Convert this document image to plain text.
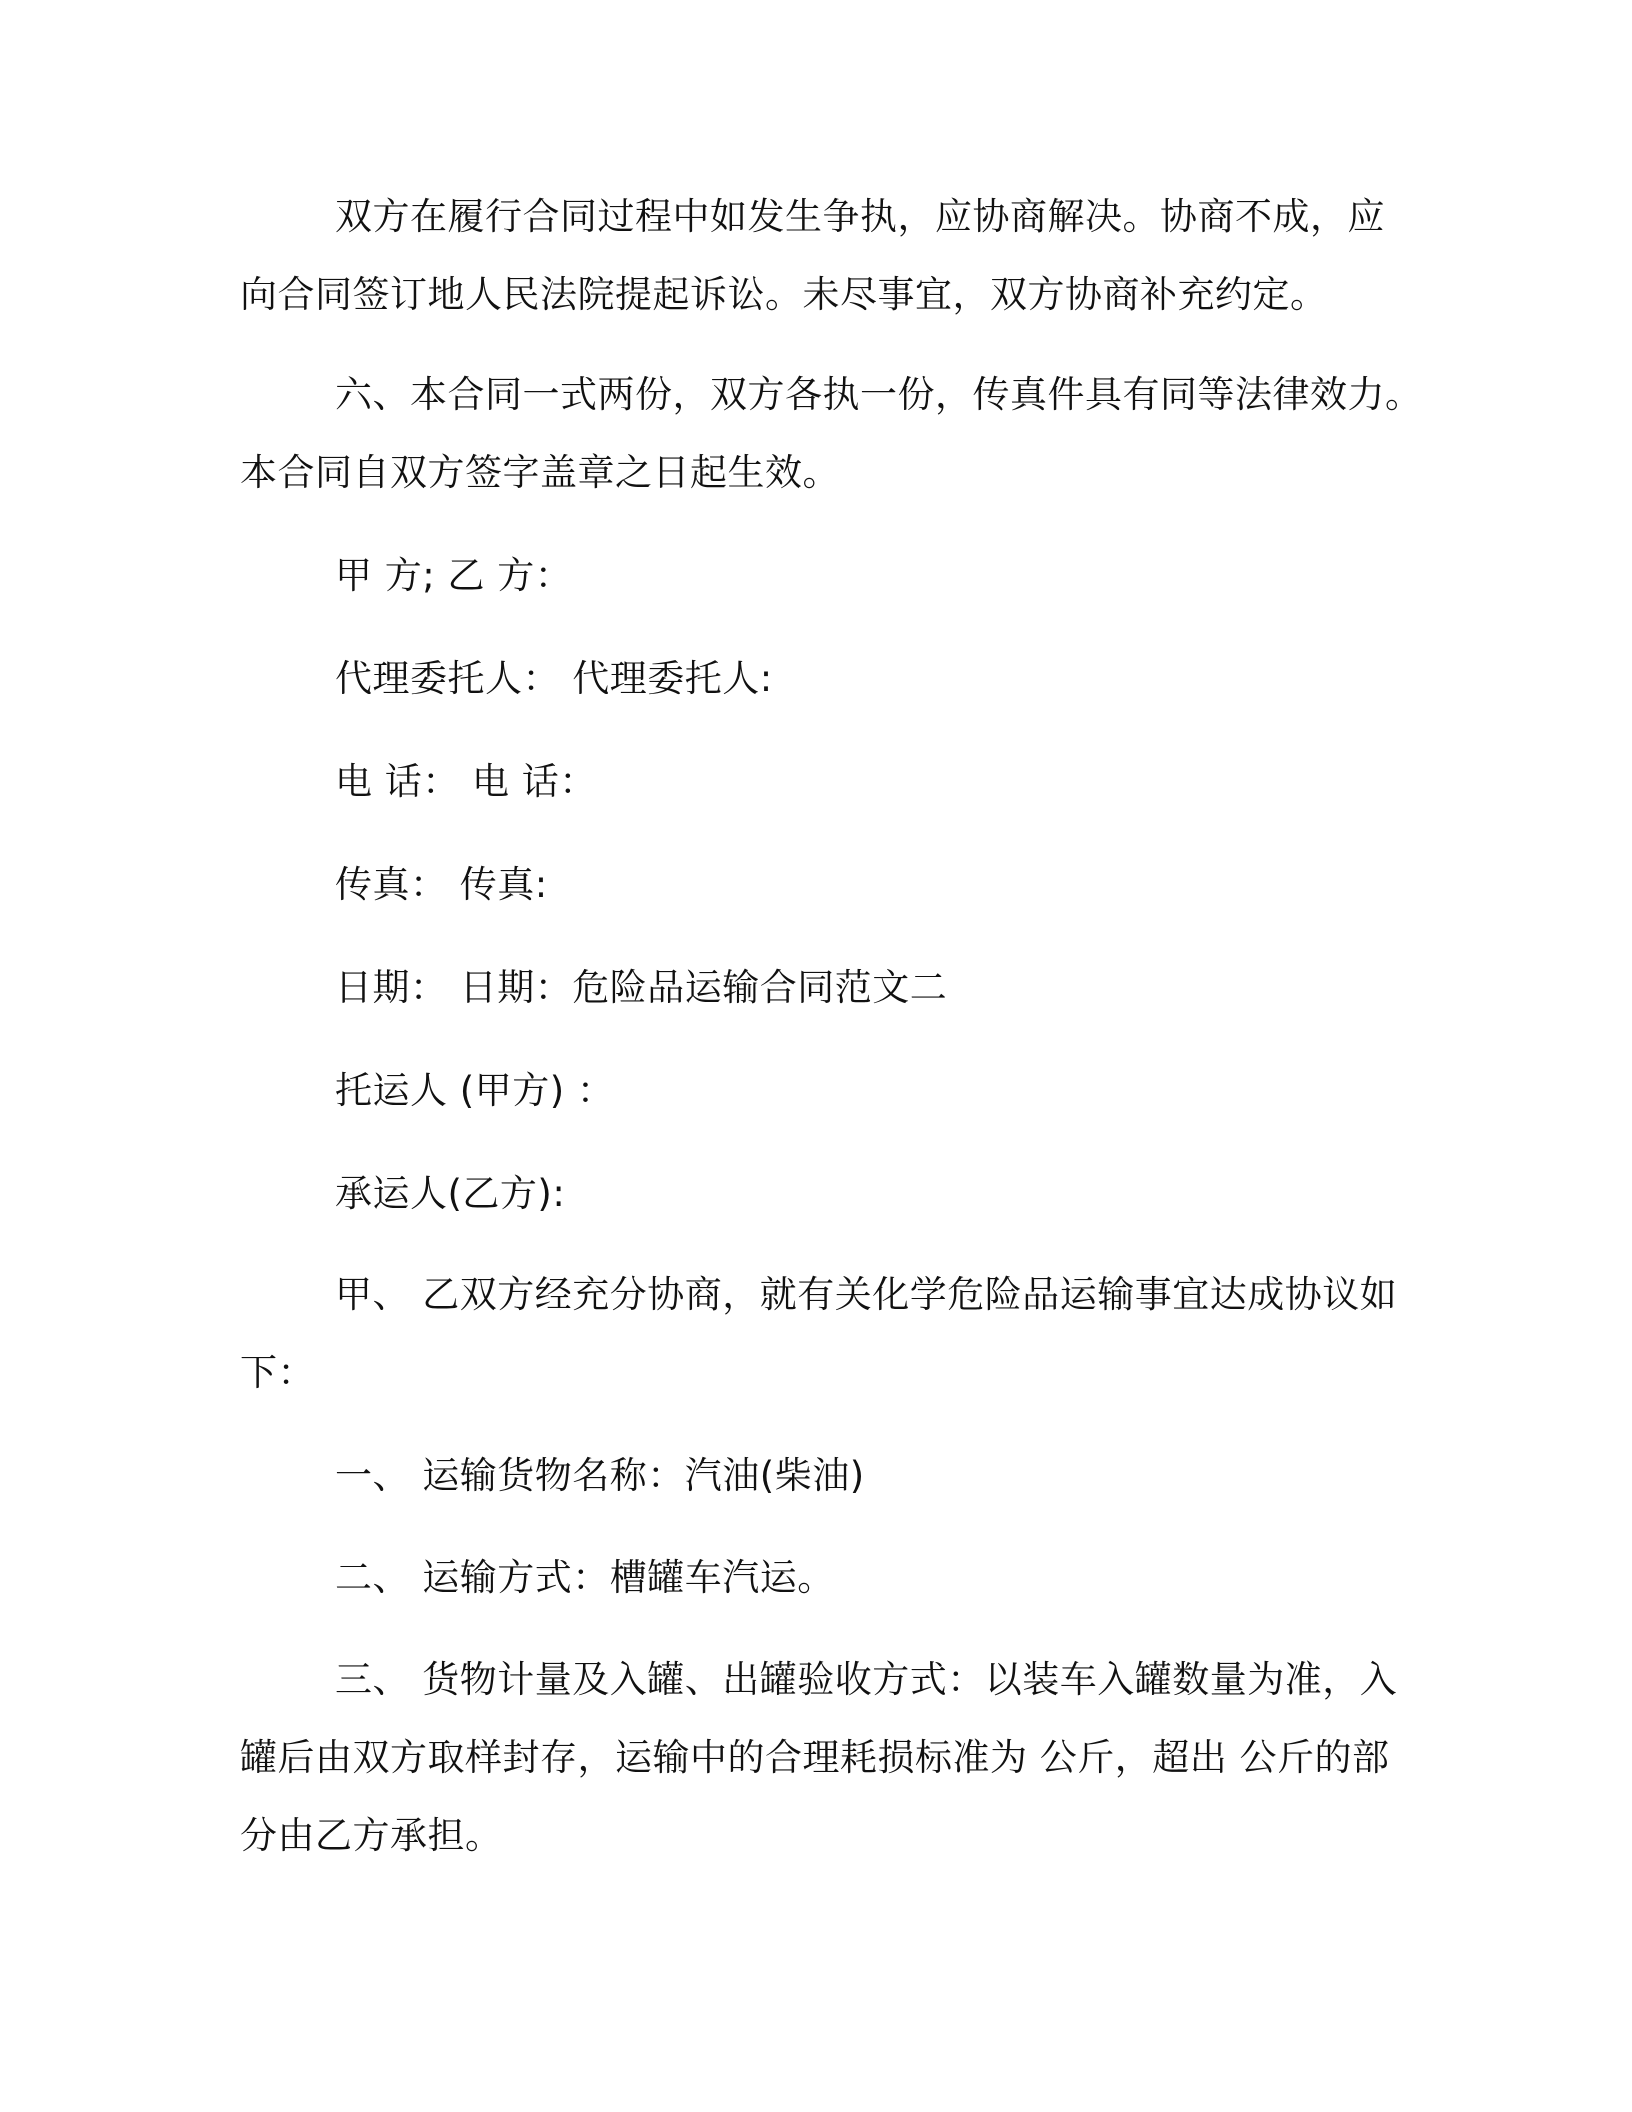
双方在履行合同过程中如发生争执，应协商解决。协商不成，应
向合同签订地人民法院提起诉讼。未尽事宜，双方协商补充约定。

六、本合同一式两份，双方各执一份，传真件具有同等法律效力。
本合同自双方签字盖章之日起生效。

甲 方; 乙 方：

代理委托人： 代理委托人:

电 话： 电 话：

传真： 传真:

日期： 日期：危险品运输合同范文二

托运人 (甲方) ：

承运人(乙方):

甲、 乙双方经充分协商，就有关化学危险品运输事宜达成协议如
下：

一、 运输货物名称：汽油(柴油)

二、 运输方式：槽罐车汽运。

三、 货物计量及入罐、出罐验收方式：以装车入罐数量为准，入
罐后由双方取样封存，运输中的合理耗损标准为 公斤，超出 公斤的部
分由乙方承担。
